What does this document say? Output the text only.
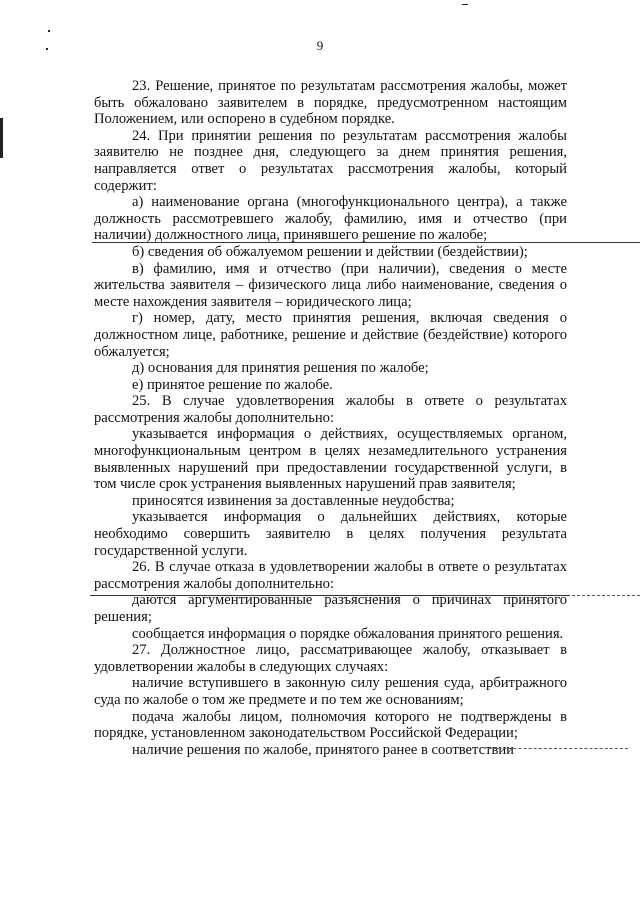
9

23. Решение, принятое по результатам рассмотрения жалобы, может быть обжаловано заявителем в порядке, предусмотренном настоящим Положением, или оспорено в судебном порядке.

24. При принятии решения по результатам рассмотрения жалобы заявителю не позднее дня, следующего за днем принятия решения, направляется ответ о результатах рассмотрения жалобы, который содержит:

а) наименование органа (многофункционального центра), а также должность рассмотревшего жалобу, фамилию, имя и отчество (при наличии) должностного лица, принявшего решение по жалобе;

б) сведения об обжалуемом решении и действии (бездействии);

в) фамилию, имя и отчество (при наличии), сведения о месте жительства заявителя – физического лица либо наименование, сведения о месте нахождения заявителя – юридического лица;

г) номер, дату, место принятия решения, включая сведения о должностном лице, работнике, решение и действие (бездействие) которого обжалуется;

д) основания для принятия решения по жалобе;

е) принятое решение по жалобе.

25. В случае удовлетворения жалобы в ответе о результатах рассмотрения жалобы дополнительно:

указывается информация о действиях, осуществляемых органом, многофункциональным центром в целях незамедлительного устранения выявленных нарушений при предоставлении государственной услуги, в том числе срок устранения выявленных нарушений прав заявителя;

приносятся извинения за доставленные неудобства;

указывается информация о дальнейших действиях, которые необходимо совершить заявителю в целях получения результата государственной услуги.

26. В случае отказа в удовлетворении жалобы в ответе о результатах рассмотрения жалобы дополнительно:

даются аргументированные разъяснения о причинах принятого решения;

сообщается информация о порядке обжалования принятого решения.

27. Должностное лицо, рассматривающее жалобу, отказывает в удовлетворении жалобы в следующих случаях:

наличие вступившего в законную силу решения суда, арбитражного суда по жалобе о том же предмете и по тем же основаниям;

подача жалобы лицом, полномочия которого не подтверждены в порядке, установленном законодательством Российской Федерации;

наличие решения по жалобе, принятого ранее в соответствии
